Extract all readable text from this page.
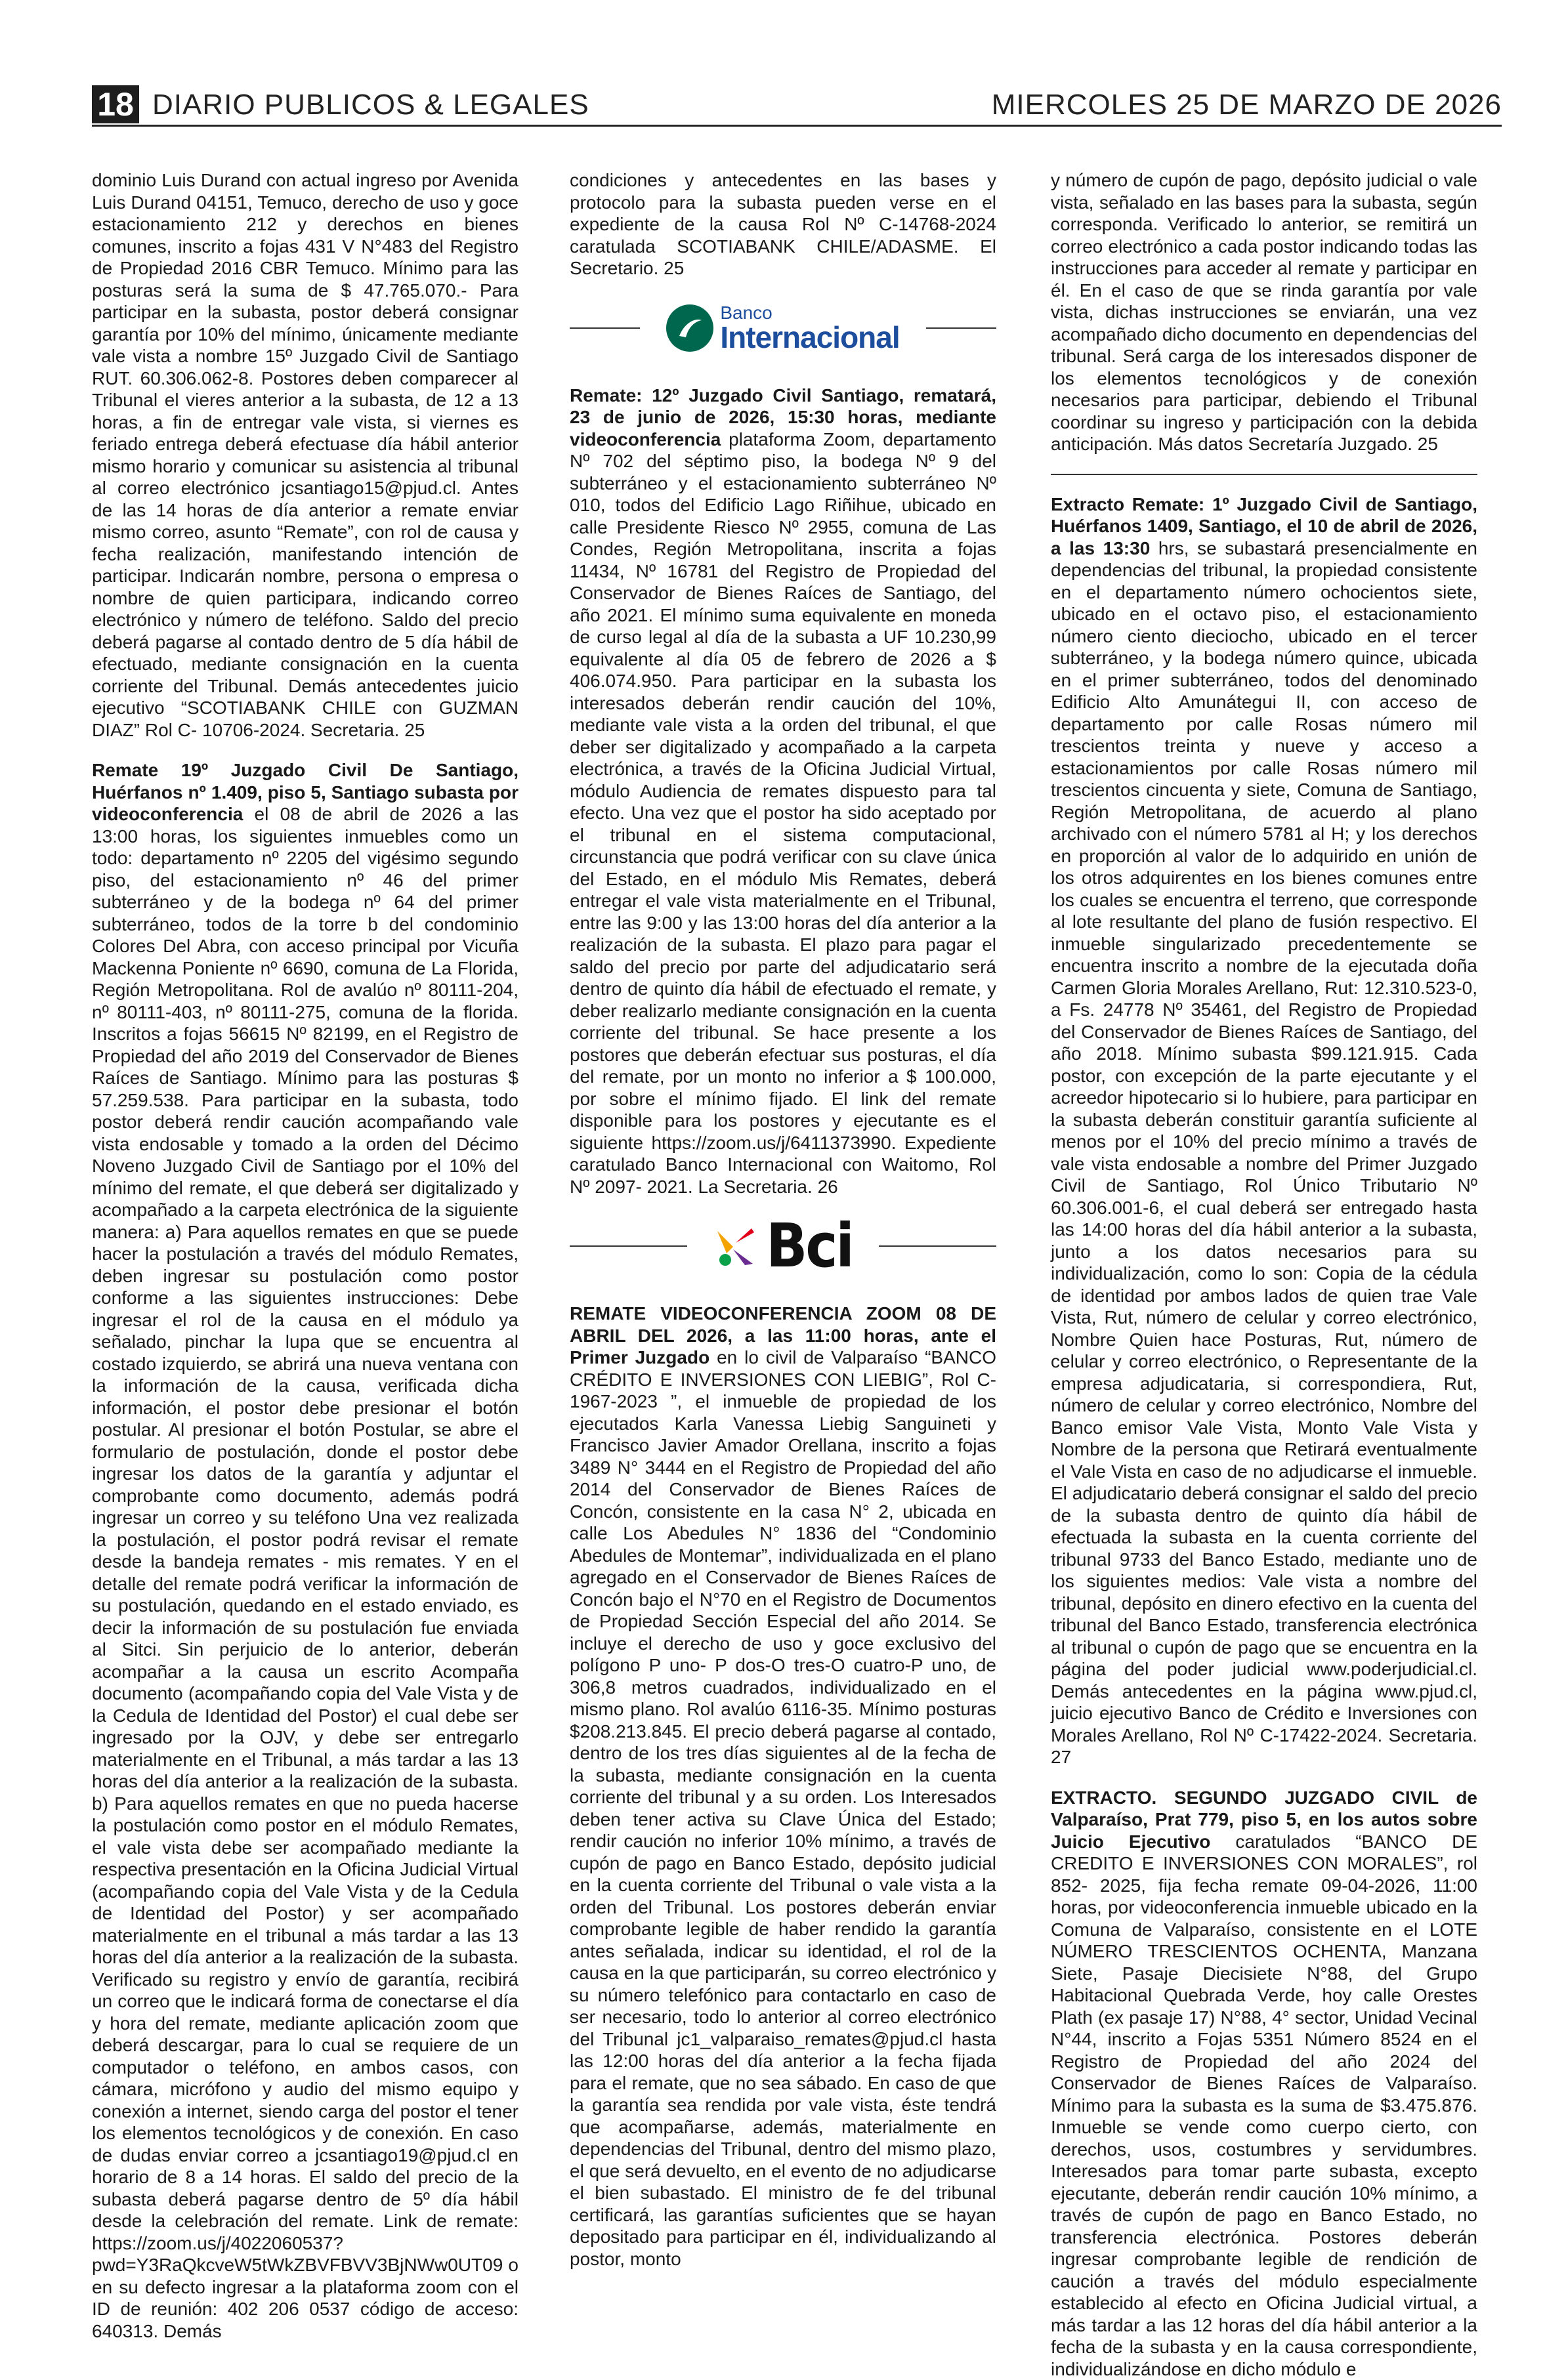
18 DIARIO PUBLICOS & LEGALES	MIERCOLES 25 DE MARZO DE 2026

dominio Luis Durand con actual ingreso por Avenida Luis Durand 04151, Temuco, derecho de uso y goce estacionamiento 212 y derechos en bienes comunes, inscrito a fojas 431 V N°483 del Registro de Propiedad 2016 CBR Temuco. Mínimo para las posturas será la suma de $ 47.765.070.- Para participar en la subasta, postor deberá consignar garantía por 10% del mínimo, únicamente mediante vale vista a nombre 15º Juzgado Civil de Santiago RUT. 60.306.062-8. Postores deben comparecer al Tribunal el vieres anterior a la subasta, de 12 a 13 horas, a fin de entregar vale vista, si viernes es feriado entrega deberá efectuase día hábil anterior mismo horario y comunicar su asistencia al tribunal al correo electrónico jcsantiago15@pjud.cl. Antes de las 14 horas de día anterior a remate enviar mismo correo, asunto “Remate”, con rol de causa y fecha realización, manifestando intención de participar. Indicarán nombre, persona o empresa o nombre de quien participara, indicando correo electrónico y número de teléfono. Saldo del precio deberá pagarse al contado dentro de 5 día hábil de efectuado, mediante consignación en la cuenta corriente del Tribunal. Demás antecedentes juicio ejecutivo “SCOTIABANK CHILE con GUZMAN DIAZ” Rol C- 10706-2024. Secretaria. 25

Remate 19º Juzgado Civil De Santiago, Huérfanos nº 1.409, piso 5, Santiago subasta por videoconferencia el 08 de abril de 2026 a las 13:00 horas, los siguientes inmuebles como un todo: departamento nº 2205 del vigésimo segundo piso, del estacionamiento nº 46 del primer subterráneo y de la bodega nº 64 del primer subterráneo, todos de la torre b del condominio Colores Del Abra, con acceso principal por Vicuña Mackenna Poniente nº 6690, comuna de La Florida, Región Metropolitana. Rol de avalúo nº 80111-204, nº 80111-403, nº 80111-275, comuna de la florida. Inscritos a fojas 56615 Nº 82199, en el Registro de Propiedad del año 2019 del Conservador de Bienes Raíces de Santiago. Mínimo para las posturas $ 57.259.538. Para participar en la subasta, todo postor deberá rendir caución acompañando vale vista endosable y tomado a la orden del Décimo Noveno Juzgado Civil de Santiago por el 10% del mínimo del remate, el que deberá ser digitalizado y acompañado a la carpeta electrónica de la siguiente manera: a) Para aquellos remates en que se puede hacer la postulación a través del módulo Remates, deben ingresar su postulación como postor conforme a las siguientes instrucciones: Debe ingresar el rol de la causa en el módulo ya señalado, pinchar la lupa que se encuentra al costado izquierdo, se abrirá una nueva ventana con la información de la causa, verificada dicha información, el postor debe presionar el botón postular. Al presionar el botón Postular, se abre el formulario de postulación, donde el postor debe ingresar los datos de la garantía y adjuntar el comprobante como documento, además podrá ingresar un correo y su teléfono Una vez realizada la postulación, el postor podrá revisar el remate desde la bandeja remates - mis remates. Y en el detalle del remate podrá verificar la información de su postulación, quedando en el estado enviado, es decir la información de su postulación fue enviada al Sitci. Sin perjuicio de lo anterior, deberán acompañar a la causa un escrito Acompaña documento (acompañando copia del Vale Vista y de la Cedula de Identidad del Postor) el cual debe ser ingresado por la OJV, y debe ser entregarlo materialmente en el Tribunal, a más tardar a las 13 horas del día anterior a la realización de la subasta. b) Para aquellos remates en que no pueda hacerse la postulación como postor en el módulo Remates, el vale vista debe ser acompañado mediante la respectiva presentación en la Oficina Judicial Virtual (acompañando copia del Vale Vista y de la Cedula de Identidad del Postor) y ser acompañado materialmente en el tribunal a más tardar a las 13 horas del día anterior a la realización de la subasta. Verificado su registro y envío de garantía, recibirá un correo que le indicará forma de conectarse el día y hora del remate, mediante aplicación zoom que deberá descargar, para lo cual se requiere de un computador o teléfono, en ambos casos, con cámara, micrófono y audio del mismo equipo y conexión a internet, siendo carga del postor el tener los elementos tecnológicos y de conexión. En caso de dudas enviar correo a jcsantiago19@pjud.cl en horario de 8 a 14 horas. El saldo del precio de la subasta deberá pagarse dentro de 5º día hábil desde la celebración del remate. Link de remate: https://zoom.us/j/4022060537?pwd=Y3RaQkcveW5tWkZBVFBVV3BjNWw0UT09 o en su defecto ingresar a la plataforma zoom con el ID de reunión: 402 206 0537 código de acceso: 640313. Demás

condiciones y antecedentes en las bases y protocolo para la subasta pueden verse en el expediente de la causa Rol Nº C-14768-2024 caratulada SCOTIABANK CHILE/ADASME. El Secretario. 25

Banco
Internacional

Remate: 12º Juzgado Civil Santiago, rematará, 23 de junio de 2026, 15:30 horas, mediante videoconferencia plataforma Zoom, departamento Nº 702 del séptimo piso, la bodega Nº 9 del subterráneo y el estacionamiento subterráneo Nº 010, todos del Edificio Lago Riñihue, ubicado en calle Presidente Riesco Nº 2955, comuna de Las Condes, Región Metropolitana, inscrita a fojas 11434, Nº 16781 del Registro de Propiedad del Conservador de Bienes Raíces de Santiago, del año 2021. El mínimo suma equivalente en moneda de curso legal al día de la subasta a UF 10.230,99 equivalente al día 05 de febrero de 2026 a $ 406.074.950. Para participar en la subasta los interesados deberán rendir caución del 10%, mediante vale vista a la orden del tribunal, el que deber ser digitalizado y acompañado a la carpeta electrónica, a través de la Oficina Judicial Virtual, módulo Audiencia de remates dispuesto para tal efecto. Una vez que el postor ha sido aceptado por el tribunal en el sistema computacional, circunstancia que podrá verificar con su clave única del Estado, en el módulo Mis Remates, deberá entregar el vale vista materialmente en el Tribunal, entre las 9:00 y las 13:00 horas del día anterior a la realización de la subasta. El plazo para pagar el saldo del precio por parte del adjudicatario será dentro de quinto día hábil de efectuado el remate, y deber realizarlo mediante consignación en la cuenta corriente del tribunal. Se hace presente a los postores que deberán efectuar sus posturas, el día del remate, por un monto no inferior a $ 100.000, por sobre el mínimo fijado. El link del remate disponible para los postores y ejecutante es el siguiente https://zoom.us/j/6411373990. Expediente caratulado Banco Internacional con Waitomo, Rol Nº 2097- 2021. La Secretaria. 26

Bci

REMATE VIDEOCONFERENCIA ZOOM 08 DE ABRIL DEL 2026, a las 11:00 horas, ante el Primer Juzgado en lo civil de Valparaíso “BANCO CRÉDITO E INVERSIONES CON LIEBIG”, Rol C-1967-2023 ”, el inmueble de propiedad de los ejecutados Karla Vanessa Liebig Sanguineti y Francisco Javier Amador Orellana, inscrito a fojas 3489 N° 3444 en el Registro de Propiedad del año 2014 del Conservador de Bienes Raíces de Concón, consistente en la casa N° 2, ubicada en calle Los Abedules N° 1836 del “Condominio Abedules de Montemar”, individualizada en el plano agregado en el Conservador de Bienes Raíces de Concón bajo el N°70 en el Registro de Documentos de Propiedad Sección Especial del año 2014. Se incluye el derecho de uso y goce exclusivo del polígono P uno- P dos-O tres-O cuatro-P uno, de 306,8 metros cuadrados, individualizado en el mismo plano. Rol avalúo 6116-35. Mínimo posturas $208.213.845. El precio deberá pagarse al contado, dentro de los tres días siguientes al de la fecha de la subasta, mediante consignación en la cuenta corriente del tribunal y a su orden. Los Interesados deben tener activa su Clave Única del Estado; rendir caución no inferior 10% mínimo, a través de cupón de pago en Banco Estado, depósito judicial en la cuenta corriente del Tribunal o vale vista a la orden del Tribunal. Los postores deberán enviar comprobante legible de haber rendido la garantía antes señalada, indicar su identidad, el rol de la causa en la que participarán, su correo electrónico y su número telefónico para contactarlo en caso de ser necesario, todo lo anterior al correo electrónico del Tribunal jc1_valparaiso_remates@pjud.cl hasta las 12:00 horas del día anterior a la fecha fijada para el remate, que no sea sábado. En caso de que la garantía sea rendida por vale vista, éste tendrá que acompañarse, además, materialmente en dependencias del Tribunal, dentro del mismo plazo, el que será devuelto, en el evento de no adjudicarse el bien subastado. El ministro de fe del tribunal certificará, las garantías suficientes que se hayan depositado para participar en él, individualizando al postor, monto

y número de cupón de pago, depósito judicial o vale vista, señalado en las bases para la subasta, según corresponda. Verificado lo anterior, se remitirá un correo electrónico a cada postor indicando todas las instrucciones para acceder al remate y participar en él. En el caso de que se rinda garantía por vale vista, dichas instrucciones se enviarán, una vez acompañado dicho documento en dependencias del tribunal. Será carga de los interesados disponer de los elementos tecnológicos y de conexión necesarios para participar, debiendo el Tribunal coordinar su ingreso y participación con la debida anticipación. Más datos Secretaría Juzgado. 25

Extracto Remate: 1º Juzgado Civil de Santiago, Huérfanos 1409, Santiago, el 10 de abril de 2026, a las 13:30 hrs, se subastará presencialmente en dependencias del tribunal, la propiedad consistente en el departamento número ochocientos siete, ubicado en el octavo piso, el estacionamiento número ciento dieciocho, ubicado en el tercer subterráneo, y la bodega número quince, ubicada en el primer subterráneo, todos del denominado Edificio Alto Amunátegui II, con acceso de departamento por calle Rosas número mil trescientos treinta y nueve y acceso a estacionamientos por calle Rosas número mil trescientos cincuenta y siete, Comuna de Santiago, Región Metropolitana, de acuerdo al plano archivado con el número 5781 al H; y los derechos en proporción al valor de lo adquirido en unión de los otros adquirentes en los bienes comunes entre los cuales se encuentra el terreno, que corresponde al lote resultante del plano de fusión respectivo. El inmueble singularizado precedentemente se encuentra inscrito a nombre de la ejecutada doña Carmen Gloria Morales Arellano, Rut: 12.310.523-0, a Fs. 24778 Nº 35461, del Registro de Propiedad del Conservador de Bienes Raíces de Santiago, del año 2018. Mínimo subasta $99.121.915. Cada postor, con excepción de la parte ejecutante y el acreedor hipotecario si lo hubiere, para participar en la subasta deberán constituir garantía suficiente al menos por el 10% del precio mínimo a través de vale vista endosable a nombre del Primer Juzgado Civil de Santiago, Rol Único Tributario Nº 60.306.001-6, el cual deberá ser entregado hasta las 14:00 horas del día hábil anterior a la subasta, junto a los datos necesarios para su individualización, como lo son: Copia de la cédula de identidad por ambos lados de quien trae Vale Vista, Rut, número de celular y correo electrónico, Nombre Quien hace Posturas, Rut, número de celular y correo electrónico, o Representante de la empresa adjudicataria, si correspondiera, Rut, número de celular y correo electrónico, Nombre del Banco emisor Vale Vista, Monto Vale Vista y Nombre de la persona que Retirará eventualmente el Vale Vista en caso de no adjudicarse el inmueble. El adjudicatario deberá consignar el saldo del precio de la subasta dentro de quinto día hábil de efectuada la subasta en la cuenta corriente del tribunal 9733 del Banco Estado, mediante uno de los siguientes medios: Vale vista a nombre del tribunal, depósito en dinero efectivo en la cuenta del tribunal del Banco Estado, transferencia electrónica al tribunal o cupón de pago que se encuentra en la página del poder judicial www.poderjudicial.cl. Demás antecedentes en la página www.pjud.cl, juicio ejecutivo Banco de Crédito e Inversiones con Morales Arellano, Rol Nº C-17422-2024. Secretaria. 27

EXTRACTO. SEGUNDO JUZGADO CIVIL de Valparaíso, Prat 779, piso 5, en los autos sobre Juicio Ejecutivo caratulados “BANCO DE CREDITO E INVERSIONES CON MORALES”, rol 852- 2025, fija fecha remate 09-04-2026, 11:00 horas, por videoconferencia inmueble ubicado en la Comuna de Valparaíso, consistente en el LOTE NÚMERO TRESCIENTOS OCHENTA, Manzana Siete, Pasaje Diecisiete N°88, del Grupo Habitacional Quebrada Verde, hoy calle Orestes Plath (ex pasaje 17) N°88, 4° sector, Unidad Vecinal N°44, inscrito a Fojas 5351 Número 8524 en el Registro de Propiedad del año 2024 del Conservador de Bienes Raíces de Valparaíso. Mínimo para la subasta es la suma de $3.475.876. Inmueble se vende como cuerpo cierto, con derechos, usos, costumbres y servidumbres. Interesados para tomar parte subasta, excepto ejecutante, deberán rendir caución 10% mínimo, a través de cupón de pago en Banco Estado, no transferencia electrónica. Postores deberán ingresar comprobante legible de rendición de caución a través del módulo especialmente establecido al efecto en Oficina Judicial virtual, a más tardar a las 12 horas del día hábil anterior a la fecha de la subasta y en la causa correspondiente, individualizándose en dicho módulo e
